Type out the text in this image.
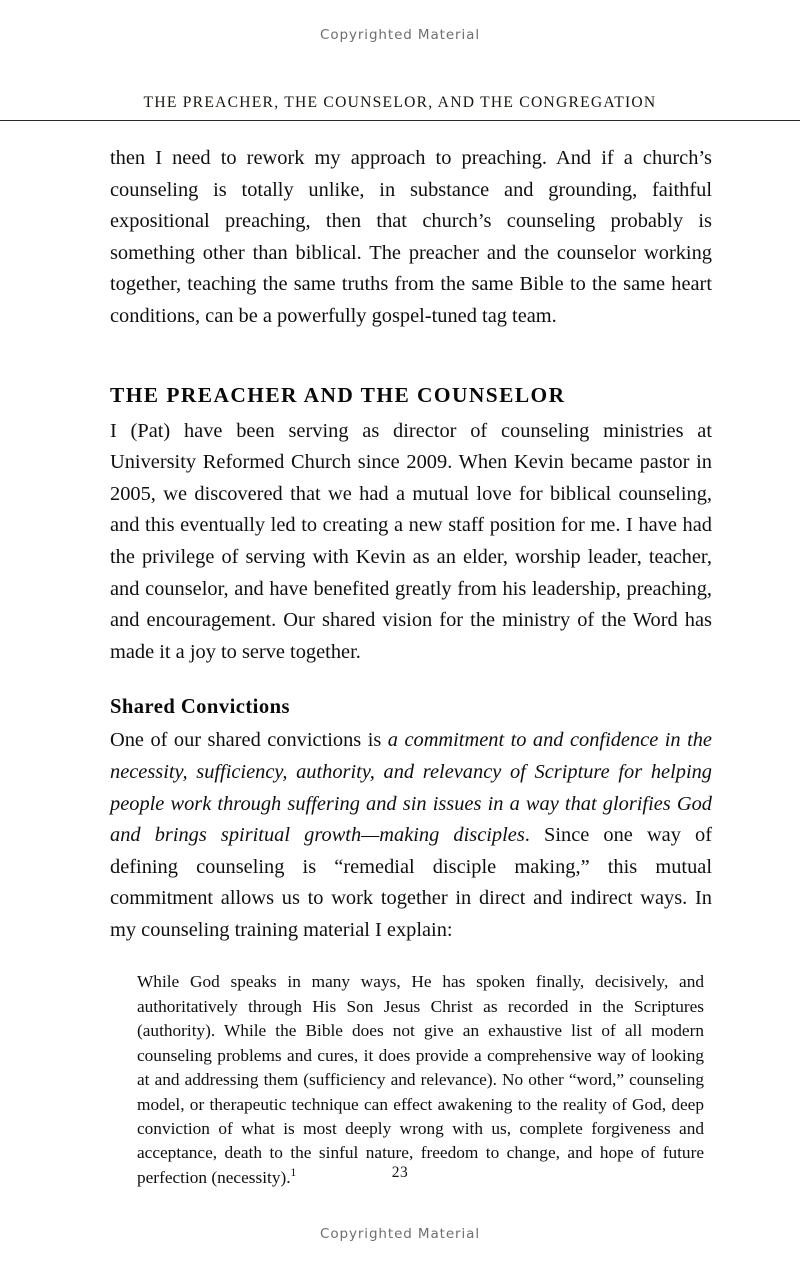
Copyrighted Material
THE PREACHER, THE COUNSELOR, AND THE CONGREGATION

then I need to rework my approach to preaching. And if a church’s counseling is totally unlike, in substance and grounding, faithful expositional preaching, then that church’s counseling probably is something other than biblical. The preacher and the counselor working together, teaching the same truths from the same Bible to the same heart conditions, can be a powerfully gospel-tuned tag team.

THE PREACHER AND THE COUNSELOR

I (Pat) have been serving as director of counseling ministries at University Reformed Church since 2009. When Kevin became pastor in 2005, we discovered that we had a mutual love for biblical counseling, and this eventually led to creating a new staff position for me. I have had the privilege of serving with Kevin as an elder, worship leader, teacher, and counselor, and have benefited greatly from his leadership, preaching, and encouragement. Our shared vision for the ministry of the Word has made it a joy to serve together.

Shared Convictions

One of our shared convictions is a commitment to and confidence in the necessity, sufficiency, authority, and relevancy of Scripture for helping people work through suffering and sin issues in a way that glorifies God and brings spiritual growth—making disciples. Since one way of defining counseling is “remedial disciple making,” this mutual commitment allows us to work together in direct and indirect ways. In my counseling training material I explain:

While God speaks in many ways, He has spoken finally, decisively, and authoritatively through His Son Jesus Christ as recorded in the Scriptures (authority). While the Bible does not give an exhaustive list of all modern counseling problems and cures, it does provide a comprehensive way of looking at and addressing them (sufficiency and relevance). No other “word,” counseling model, or therapeutic technique can effect awakening to the reality of God, deep conviction of what is most deeply wrong with us, complete forgiveness and acceptance, death to the sinful nature, freedom to change, and hope of future perfection (necessity).$^1$	23
Copyrighted Material
